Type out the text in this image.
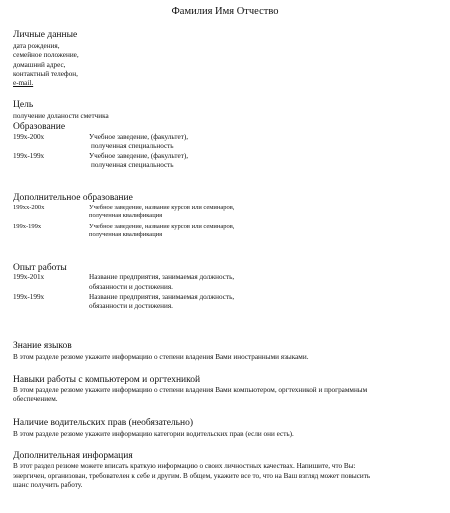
Фамилия Имя Отчество
Личные данные
дата рождения,
семейное положение,
домашний адрес,
контактный телефон,
e-mail.
Цель
получение доланости сметчика
Образование
199x-200x	Учебное заведение, (факультет),
полученная специальность
199x-199x	Учебное заведение, (факультет),
полученная специальность
Дополнительное образование
199xx-200x	Учебное заведение, название курсов или семинаров,
полученная квалификация
199x-199x	Учебное заведение, название курсов или семинаров,
полученная квалификация
Опыт работы
199x-201x	Название предприятия, занимаемая должность,
обязанности и достижения.
199x-199x	Название предприятия, занимаемая должность,
обязанности и достижения.
Знание языков
В этом разделе резюме укажите информацию о степени владения Вами иностранными языками.
Навыки работы с компьютером и оргтехникой
В этом разделе резюме укажите информацию о степени владения Вами компьютером, оргтехникой и программным
обеспечением.
Наличие водительских прав (необязательно)
В этом разделе резюме укажите информацию категории водительских прав (если они есть).
Дополнительная информация
В этот раздел резюме можете вписать краткую информацию о своих личностных качествах. Напишите, что Вы:
энергичен, организован, требователен к себе и другим. В общем, укажите все то, что на Ваш взгляд может повысить
шанс получить работу.
